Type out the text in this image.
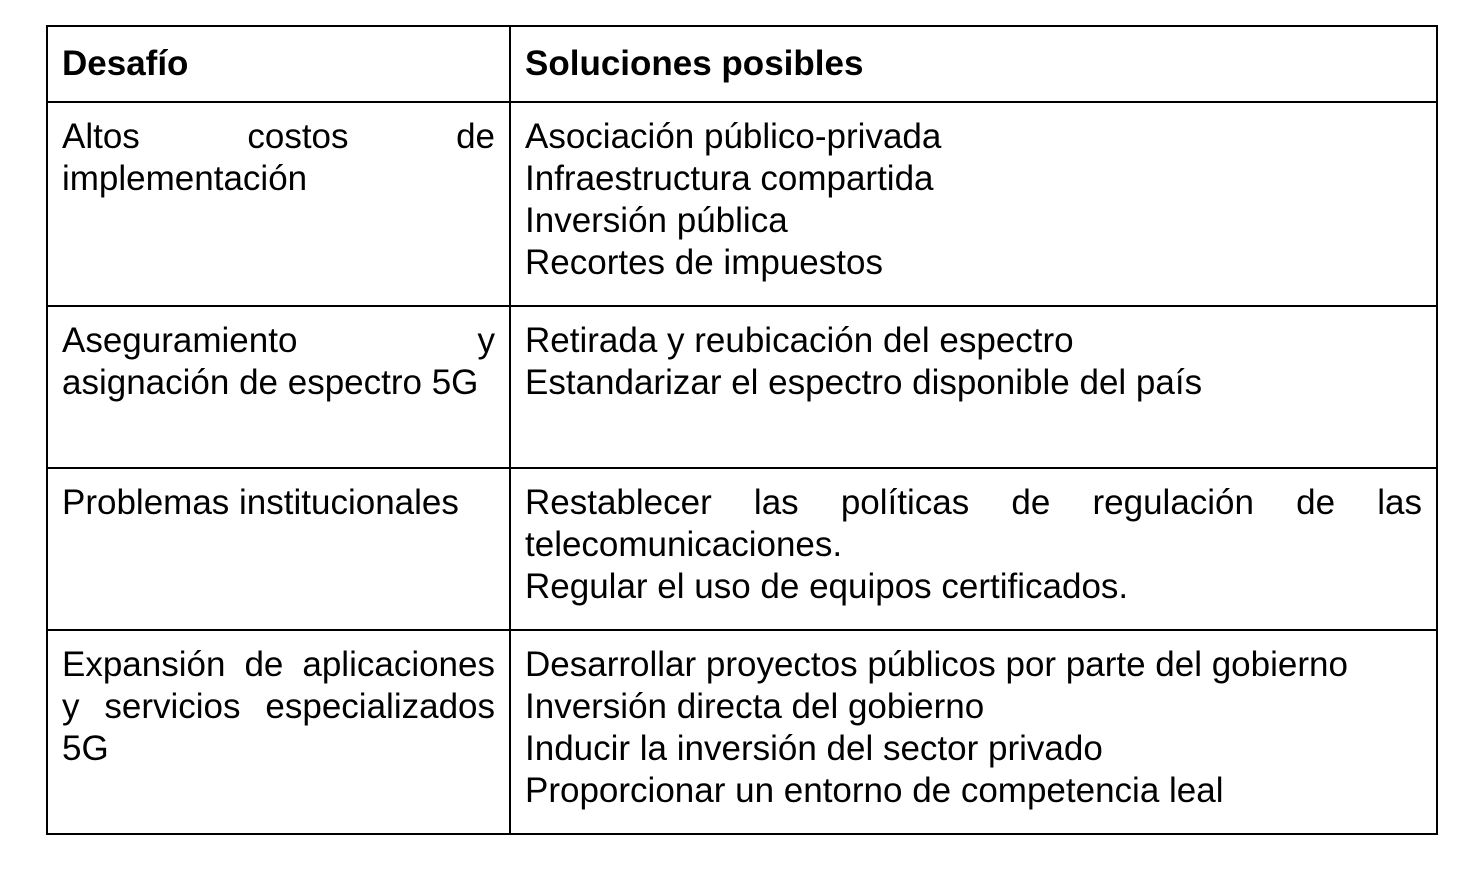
Desafío	Soluciones posibles

Altos costos de implementación	Asociación público-privada
Infraestructura compartida
Inversión pública
Recortes de impuestos

Aseguramiento y asignación de espectro 5G	Retirada y reubicación del espectro
Estandarizar el espectro disponible del país

Problemas institucionales	Restablecer las políticas de regulación de las telecomunicaciones.
Regular el uso de equipos certificados.

Expansión de aplicaciones y servicios especializados 5G	Desarrollar proyectos públicos por parte del gobierno
Inversión directa del gobierno
Inducir la inversión del sector privado
Proporcionar un entorno de competencia leal
